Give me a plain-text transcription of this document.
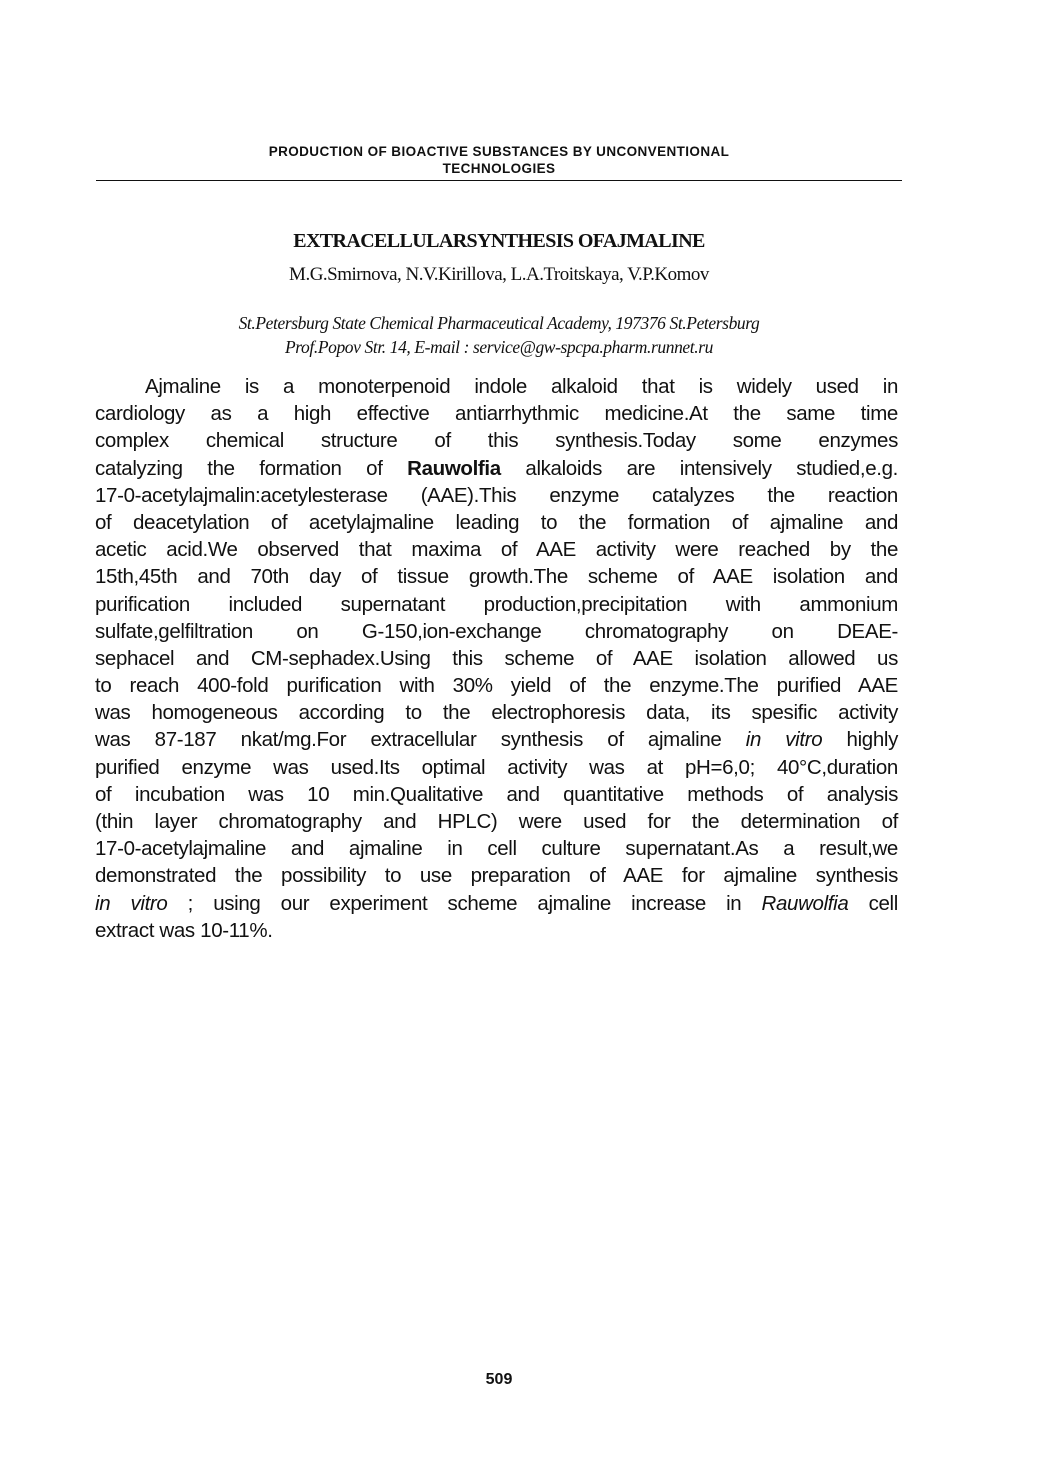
PRODUCTION OF BIOACTIVE SUBSTANCES BY UNCONVENTIONAL
TECHNOLOGIES
EXTRACELLULARSYNTHESIS OFAJMALINE
M.G.Smirnova, N.V.Kirillova, L.A.Troitskaya, V.P.Komov
St.Petersburg State Chemical Pharmaceutical Academy, 197376 St.Petersburg
Prof.Popov Str. 14, E-mail : service@gw-spcpa.pharm.runnet.ru
Ajmaline is a monoterpenoid indole alkaloid that is widely used in
cardiology as a high effective antiarrhythmic medicine.At the same time
complex chemical structure of this synthesis.Today some enzymes
catalyzing the formation of Rauwolfia alkaloids are intensively studied,e.g.
17-0-acetylajmalin:acetylesterase (AAE).This enzyme catalyzes the reaction
of deacetylation of acetylajmaline leading to the formation of ajmaline and
acetic acid.We observed that maxima of AAE activity were reached by the
15th,45th and 70th day of tissue growth.The scheme of AAE isolation and
purification included supernatant production,precipitation with ammonium
sulfate,gelfiltration on G-150,ion-exchange chromatography on DEAE-
sephacel and CM-sephadex.Using this scheme of AAE isolation allowed us
to reach 400-fold purification with 30% yield of the enzyme.The purified AAE
was homogeneous according to the electrophoresis data, its spesific activity
was 87-187 nkat/mg.For extracellular synthesis of ajmaline in vitro highly
purified enzyme was used.Its optimal activity was at pH=6,0; 40°C,duration
of incubation was 10 min.Qualitative and quantitative methods of analysis
(thin layer chromatography and HPLC) were used for the determination of
17-0-acetylajmaline and ajmaline in cell culture supernatant.As a result,we
demonstrated the possibility to use preparation of AAE for ajmaline synthesis
in vitro ; using our experiment scheme ajmaline increase in Rauwolfia cell
extract was 10-11%.
509
